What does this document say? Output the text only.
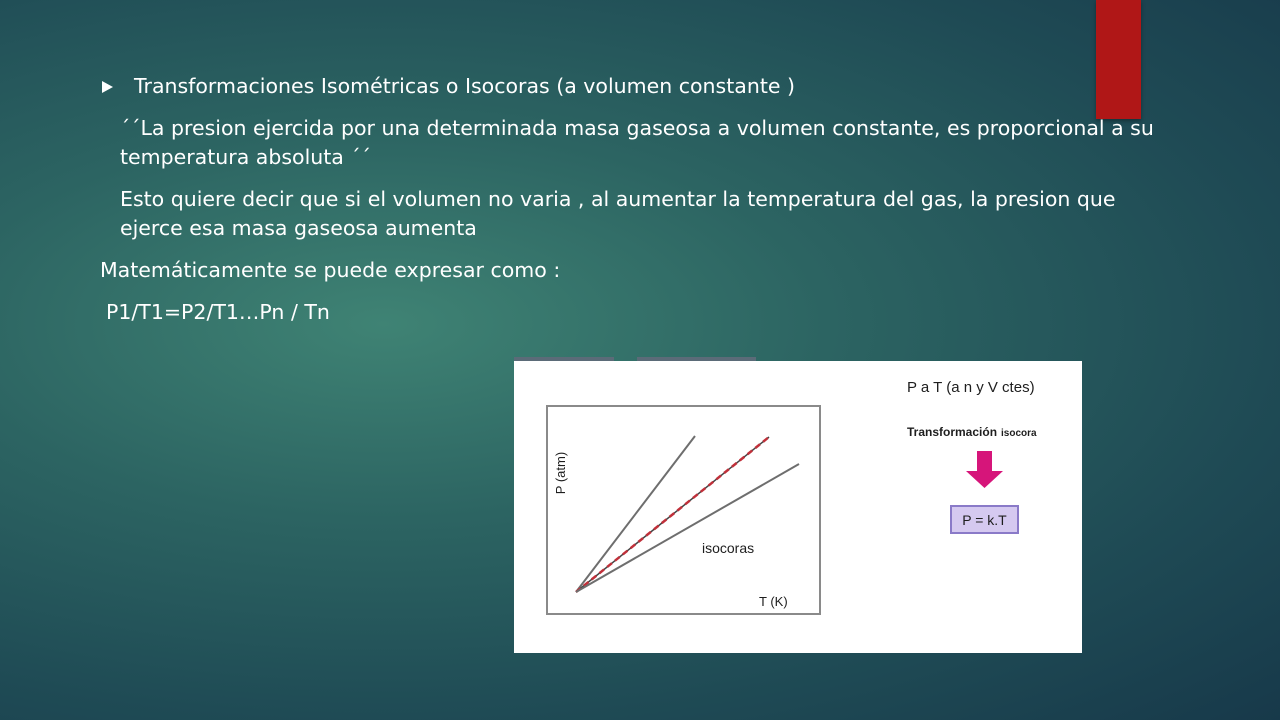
Transformaciones Isométricas o Isocoras (a volumen constante )

´´La presion ejercida por una determinada masa gaseosa a volumen constante, es proporcional a su temperatura absoluta ´´

Esto quiere decir que si el volumen no varia , al aumentar la temperatura del gas, la presion que ejerce esa masa gaseosa aumenta

Matemáticamente se puede expresar como :

P1/T1=P2/T1…Pn / Tn

P (atm)
T (K)
isocoras
P a T (a n y V ctes)
Transformación isocora
P = k.T
